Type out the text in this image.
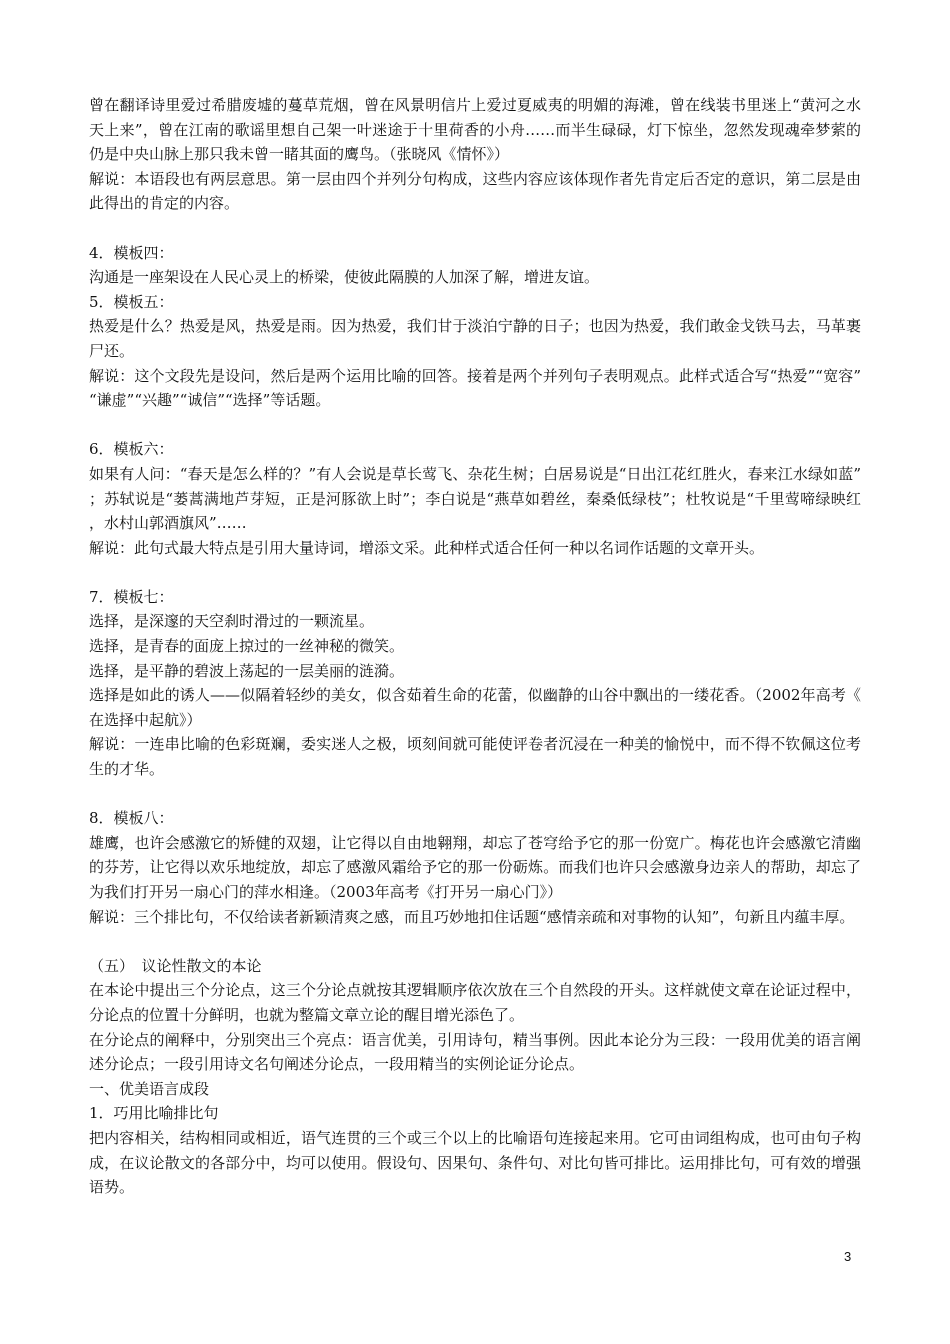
曾在翻译诗里爱过希腊废墟的蔓草荒烟，曾在风景明信片上爱过夏威夷的明媚的海滩，曾在线装书里迷上“黄河之水天上来”，曾在江南的歌谣里想自己架一叶迷途于十里荷香的小舟……而半生碌碌，灯下惊坐，忽然发现魂牵梦萦的仍是中央山脉上那只我未曾一睹其面的鹰鸟。（张晓风《情怀》）

解说：本语段也有两层意思。第一层由四个并列分句构成，这些内容应该体现作者先肯定后否定的意识，第二层是由此得出的肯定的内容。

4．模板四：

沟通是一座架设在人民心灵上的桥梁，使彼此隔膜的人加深了解，增进友谊。

5．模板五：

热爱是什么？热爱是风，热爱是雨。因为热爱，我们甘于淡泊宁静的日子；也因为热爱，我们敢金戈铁马去，马革裹尸还。

解说：这个文段先是设问，然后是两个运用比喻的回答。接着是两个并列句子表明观点。此样式适合写“热爱”“宽容”“谦虚”“兴趣”“诚信”“选择”等话题。

6．模板六：

如果有人问：“春天是怎么样的？”有人会说是草长莺飞、杂花生树；白居易说是“日出江花红胜火，春来江水绿如蓝”；苏轼说是“蒌蒿满地芦芽短，正是河豚欲上时”；李白说是“燕草如碧丝，秦桑低绿枝”；杜牧说是“千里莺啼绿映红，水村山郭酒旗风”……

解说：此句式最大特点是引用大量诗词，增添文采。此种样式适合任何一种以名词作话题的文章开头。

7．模板七：

选择，是深邃的天空刹时滑过的一颗流星。

选择，是青春的面庞上掠过的一丝神秘的微笑。

选择，是平静的碧波上荡起的一层美丽的涟漪。

选择是如此的诱人——似隔着轻纱的美女，似含茹着生命的花蕾，似幽静的山谷中飘出的一缕花香。（2002年高考《在选择中起航》）

解说：一连串比喻的色彩斑斓，委实迷人之极，顷刻间就可能使评卷者沉浸在一种美的愉悦中，而不得不钦佩这位考生的才华。

8．模板八：

雄鹰，也许会感激它的矫健的双翅，让它得以自由地翱翔，却忘了苍穹给予它的那一份宽广。梅花也许会感激它清幽的芬芳，让它得以欢乐地绽放，却忘了感激风霜给予它的那一份砺炼。而我们也许只会感激身边亲人的帮助，却忘了为我们打开另一扇心门的萍水相逢。（2003年高考《打开另一扇心门》）

解说：三个排比句，不仅给读者新颖清爽之感，而且巧妙地扣住话题“感情亲疏和对事物的认知”，句新且内蕴丰厚。

（五）　议论性散文的本论

在本论中提出三个分论点，这三个分论点就按其逻辑顺序依次放在三个自然段的开头。这样就使文章在论证过程中，分论点的位置十分鲜明，也就为整篇文章立论的醒目增光添色了。

在分论点的阐释中，分别突出三个亮点：语言优美，引用诗句，精当事例。因此本论分为三段：一段用优美的语言阐述分论点；一段引用诗文名句阐述分论点，一段用精当的实例论证分论点。

一、优美语言成段

1．巧用比喻排比句

把内容相关，结构相同或相近，语气连贯的三个或三个以上的比喻语句连接起来用。它可由词组构成，也可由句子构成，在议论散文的各部分中，均可以使用。假设句、因果句、条件句、对比句皆可排比。运用排比句，可有效的增强语势。

3
